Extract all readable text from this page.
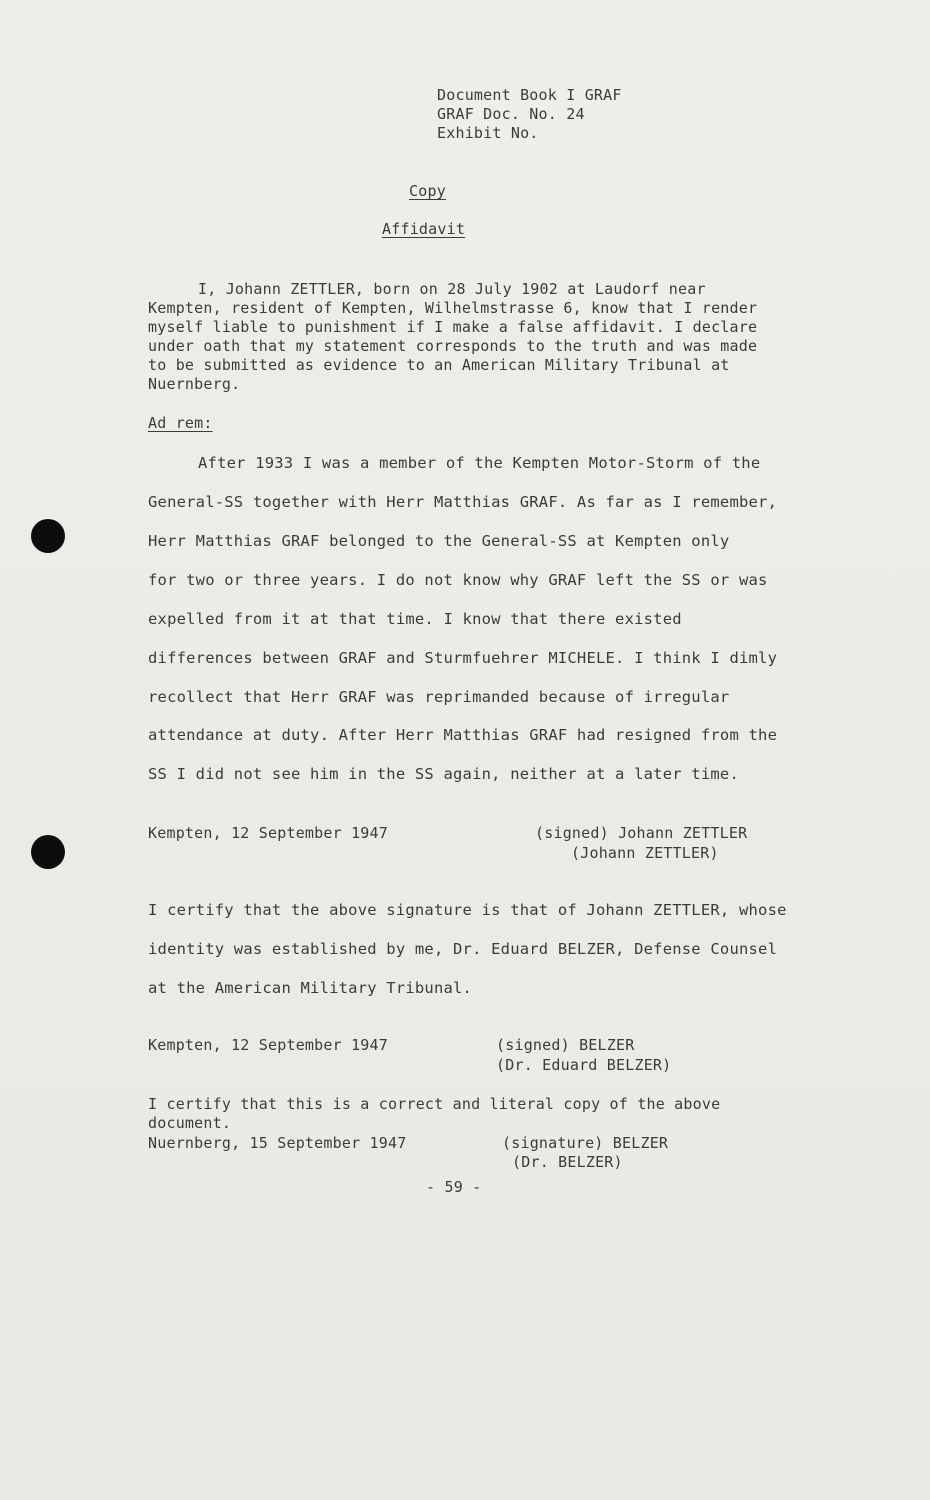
Document Book I GRAF
GRAF Doc. No. 24
Exhibit No.
Copy
Affidavit
I, Johann ZETTLER, born on 28 July 1902 at Laudorf near
Kempten, resident of Kempten, Wilhelmstrasse 6, know that I render
myself liable to punishment if I make a false affidavit. I declare
under oath that my statement corresponds to the truth and was made
to be submitted as evidence to an American Military Tribunal at
Nuernberg.
Ad rem:
After 1933 I was a member of the Kempten Motor-Storm of the
General-SS together with Herr Matthias GRAF. As far as I remember,
Herr Matthias GRAF belonged to the General-SS at Kempten only
for two or three years. I do not know why GRAF left the SS or was
expelled from it at that time. I know that there existed
differences between GRAF and Sturmfuehrer MICHELE. I think I dimly
recollect that Herr GRAF was reprimanded because of irregular
attendance at duty. After Herr Matthias GRAF had resigned from the
SS I did not see him in the SS again, neither at a later time.
Kempten, 12 September 1947	(signed) Johann ZETTLER
(Johann ZETTLER)
I certify that the above signature is that of Johann ZETTLER, whose
identity was established by me, Dr. Eduard BELZER, Defense Counsel
at the American Military Tribunal.
Kempten, 12 September 1947	(signed) BELZER
(Dr. Eduard BELZER)
I certify that this is a correct and literal copy of the above
document.
Nuernberg, 15 September 1947	(signature) BELZER
(Dr. BELZER)
- 59 -
